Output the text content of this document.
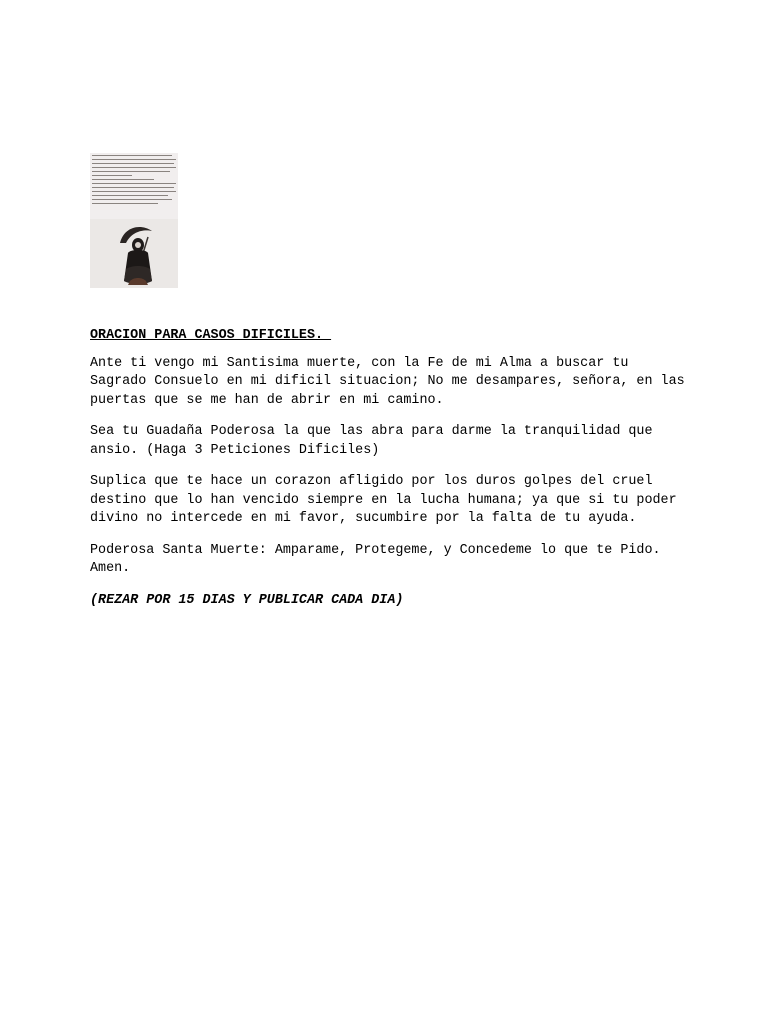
ORACION PARA CASOS DIFICILES.

Ante ti vengo mi Santisima muerte, con la Fe de mi Alma a buscar tu Sagrado Consuelo en mi dificil situacion; No me desampares, señora, en las puertas que se me han de abrir en mi camino.

Sea tu Guadaña Poderosa la que las abra para darme la tranquilidad que ansio. (Haga 3 Peticiones Dificiles)

Suplica que te hace un corazon afligido por los duros golpes del cruel destino que lo han vencido siempre en la lucha humana; ya que si tu poder divino no intercede en mi favor, sucumbire por la falta de tu ayuda.

Poderosa Santa Muerte: Amparame, Protegeme, y Concedeme lo que te Pido. Amen.

(REZAR POR 15 DIAS Y PUBLICAR CADA DIA)
